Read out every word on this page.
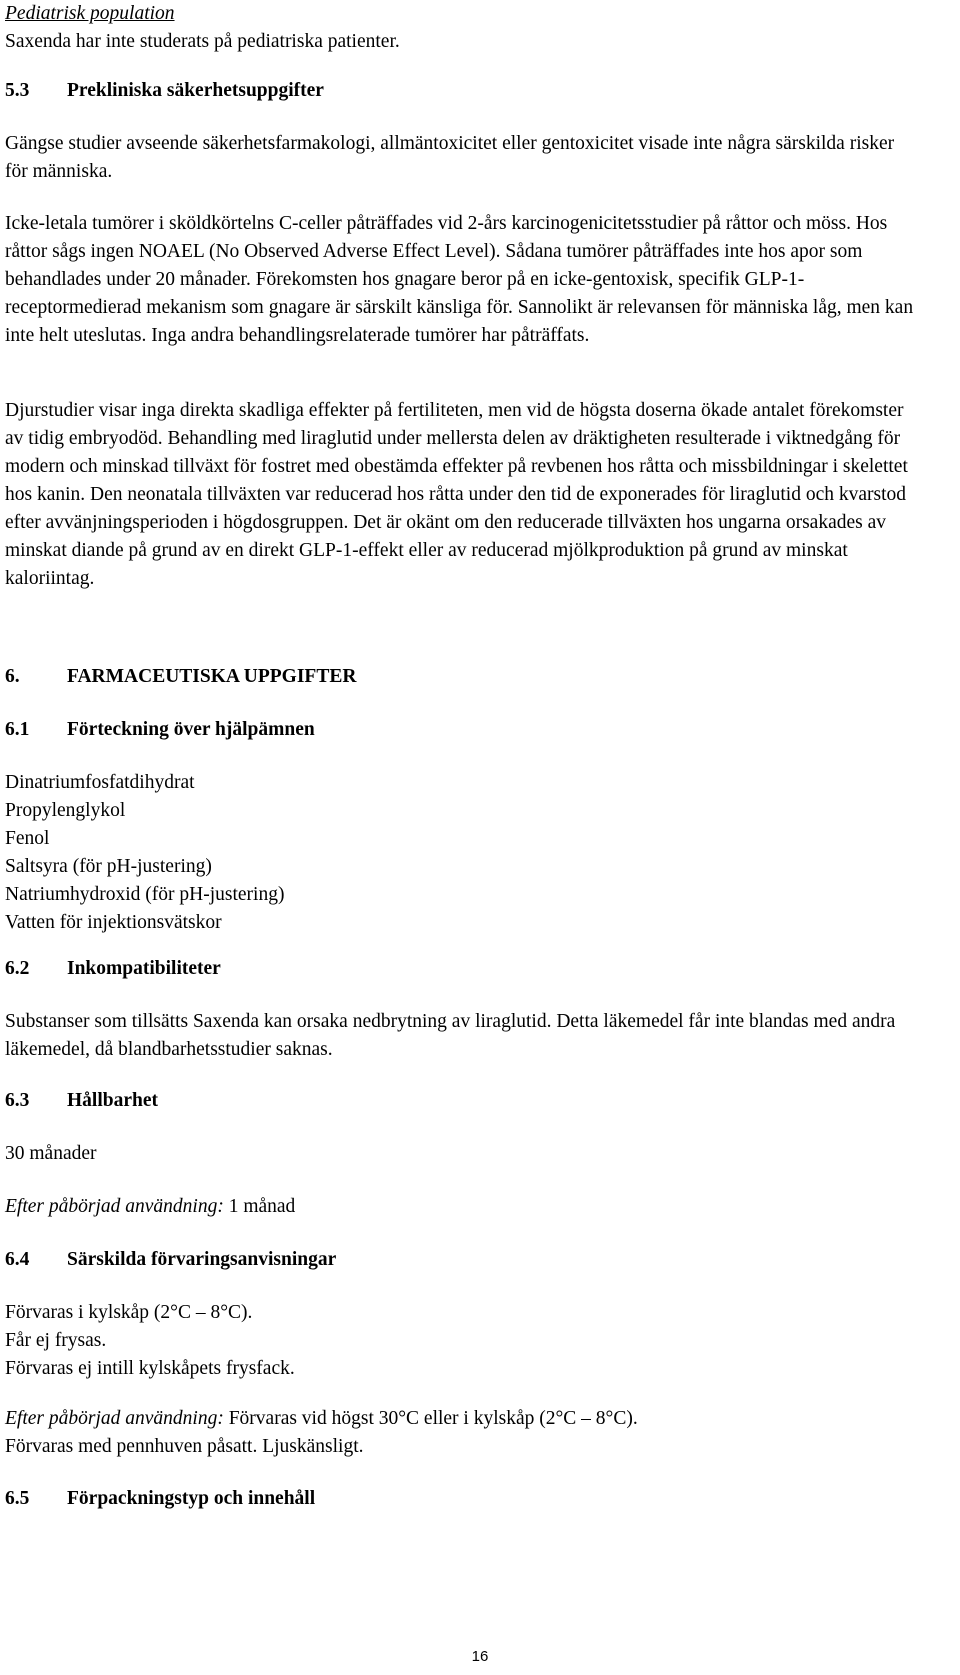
Pediatrisk population

Saxenda har inte studerats på pediatriska patienter.

5.3	Prekliniska säkerhetsuppgifter

Gängse studier avseende säkerhetsfarmakologi, allmäntoxicitet eller gentoxicitet visade inte några särskilda risker för människa.

Icke-letala tumörer i sköldkörtelns C-celler påträffades vid 2-års karcinogenicitetsstudier på råttor och möss. Hos råttor sågs ingen NOAEL (No Observed Adverse Effect Level). Sådana tumörer påträffades inte hos apor som behandlades under 20 månader. Förekomsten hos gnagare beror på en icke-gentoxisk, specifik GLP-1-receptormedierad mekanism som gnagare är särskilt känsliga för. Sannolikt är relevansen för människa låg, men kan inte helt uteslutas. Inga andra behandlingsrelaterade tumörer har påträffats.

Djurstudier visar inga direkta skadliga effekter på fertiliteten, men vid de högsta doserna ökade antalet förekomster av tidig embryodöd. Behandling med liraglutid under mellersta delen av dräktigheten resulterade i viktnedgång för modern och minskad tillväxt för fostret med obestämda effekter på revbenen hos råtta och missbildningar i skelettet hos kanin. Den neonatala tillväxten var reducerad hos råtta under den tid de exponerades för liraglutid och kvarstod efter avvänjningsperioden i högdosgruppen. Det är okänt om den reducerade tillväxten hos ungarna orsakades av minskat diande på grund av en direkt GLP-1-effekt eller av reducerad mjölkproduktion på grund av minskat kaloriintag.

6.	FARMACEUTISKA UPPGIFTER
6.1	Förteckning över hjälpämnen

Dinatriumfosfatdihydrat

Propylenglykol

Fenol

Saltsyra (för pH-justering)

Natriumhydroxid (för pH-justering)

Vatten för injektionsvätskor

6.2	Inkompatibiliteter

Substanser som tillsätts Saxenda kan orsaka nedbrytning av liraglutid. Detta läkemedel får inte blandas med andra läkemedel, då blandbarhetsstudier saknas.

6.3	Hållbarhet

30 månader

Efter påbörjad användning: 1 månad

6.4	Särskilda förvaringsanvisningar

Förvaras i kylskåp (2°C – 8°C).

Får ej frysas.

Förvaras ej intill kylskåpets frysfack.

Efter påbörjad användning: Förvaras vid högst 30°C eller i kylskåp (2°C – 8°C).

Förvaras med pennhuven påsatt. Ljuskänsligt.

6.5	Förpackningstyp och innehåll
16
